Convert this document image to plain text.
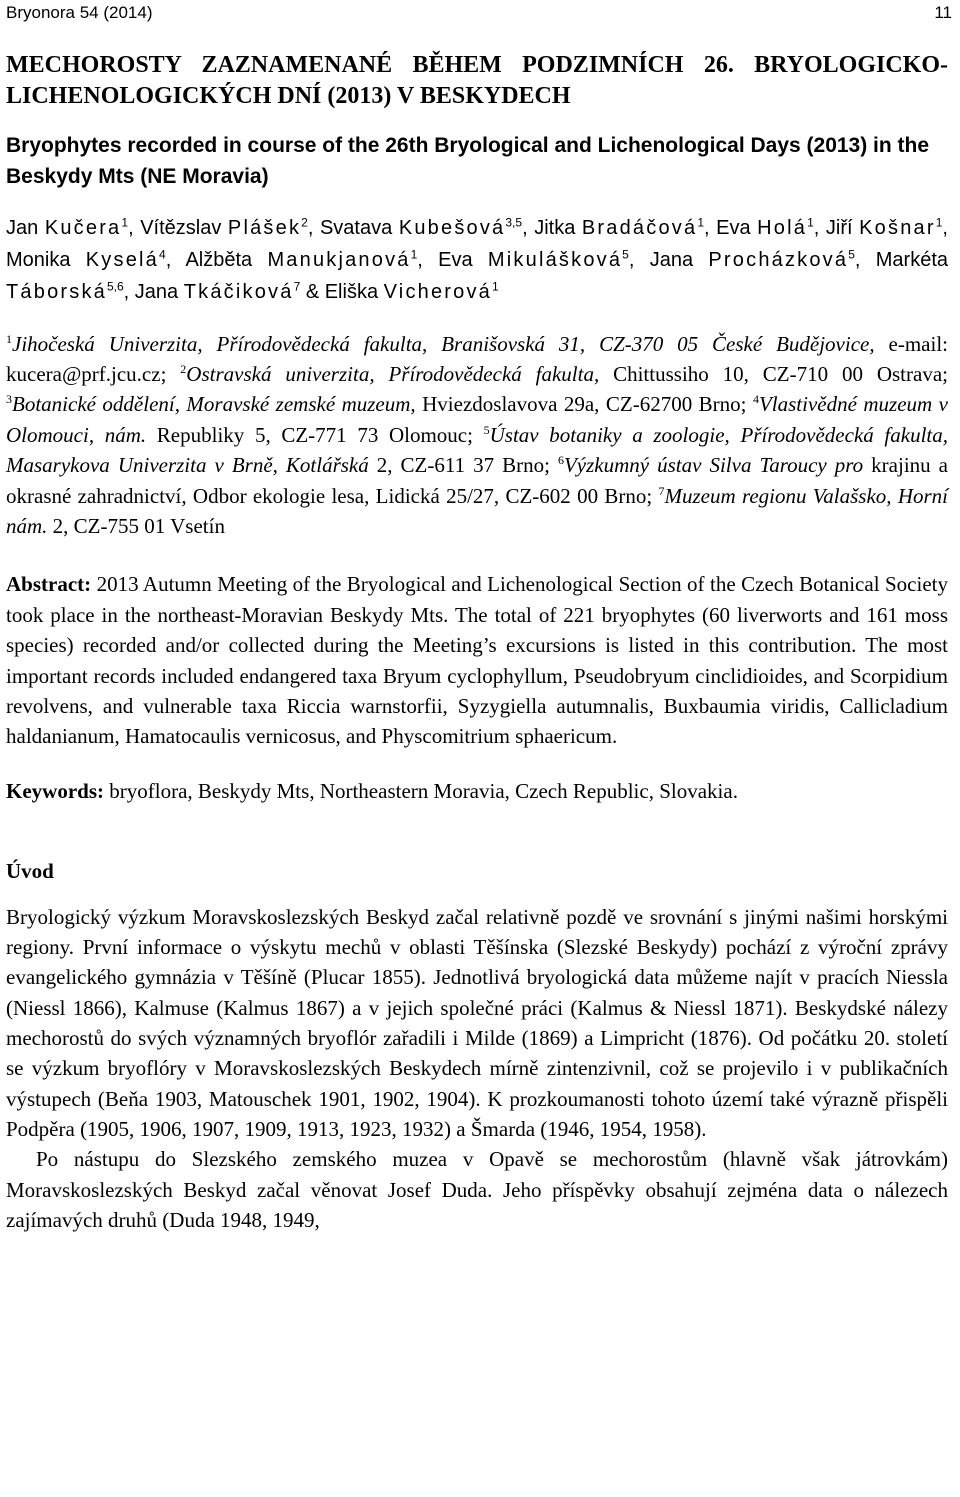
Bryonora 54 (2014)	11

MECHOROSTY ZAZNAMENANÉ BĚHEM PODZIMNÍCH 26. BRYOLOGICKO-LICHENOLOGICKÝCH DNÍ (2013) V BESKYDECH

Bryophytes recorded in course of the 26th Bryological and Lichenological Days (2013) in the Beskydy Mts (NE Moravia)

Jan Kučera$^1$, Vítězslav Plášek$^2$, Svatava Kubešová$^{3,5}$, Jitka Bradáčová$^1$, Eva Holá$^1$, Jiří Košnar$^1$, Monika Kyselá$^4$, Alžběta Manukjanová$^1$, Eva Mikulášková$^5$, Jana Procházková$^5$, Markéta Táborská$^{5,6}$, Jana Tkáčiková$^7$ & Eliška Vicherová$^1$

$^1$Jihočeská Univerzita, Přírodovědecká fakulta, Branišovská 31, CZ-370 05 České Budějovice, e-mail: kucera@prf.jcu.cz; $^2$Ostravská univerzita, Přírodovědecká fakulta, Chittussiho 10, CZ-710 00 Ostrava; $^3$Botanické oddělení, Moravské zemské muzeum, Hviezdoslavova 29a, CZ-62700 Brno; $^4$Vlastivědné muzeum v Olomouci, nám. Republiky 5, CZ-771 73 Olomouc; $^5$Ústav botaniky a zoologie, Přírodovědecká fakulta, Masarykova Univerzita v Brně, Kotlářská 2, CZ-611 37 Brno; $^6$Výzkumný ústav Silva Taroucy pro krajinu a okrasné zahradnictví, Odbor ekologie lesa, Lidická 25/27, CZ-602 00 Brno; $^7$Muzeum regionu Valašsko, Horní nám. 2, CZ-755 01 Vsetín

Abstract: 2013 Autumn Meeting of the Bryological and Lichenological Section of the Czech Botanical Society took place in the northeast-Moravian Beskydy Mts. The total of 221 bryophytes (60 liverworts and 161 moss species) recorded and/or collected during the Meeting’s excursions is listed in this contribution. The most important records included endangered taxa Bryum cyclophyllum, Pseudobryum cinclidioides, and Scorpidium revolvens, and vulnerable taxa Riccia warnstorfii, Syzygiella autumnalis, Buxbaumia viridis, Callicladium haldanianum, Hamatocaulis vernicosus, and Physcomitrium sphaericum.

Keywords: bryoflora, Beskydy Mts, Northeastern Moravia, Czech Republic, Slovakia.

Úvod

Bryologický výzkum Moravskoslezských Beskyd začal relativně pozdě ve srovnání s jinými našimi horskými regiony. První informace o výskytu mechů v oblasti Těšínska (Slezské Beskydy) pochází z výroční zprávy evangelického gymnázia v Těšíně (Plucar 1855). Jednotlivá bryologická data můžeme najít v pracích Niessla (Niessl 1866), Kalmuse (Kalmus 1867) a v jejich společné práci (Kalmus & Niessl 1871). Beskydské nálezy mechorostů do svých významných bryoflór zařadili i Milde (1869) a Limpricht (1876). Od počátku 20. století se výzkum bryoflóry v Moravskoslezských Beskydech mírně zintenzivnil, což se projevilo i v publikačních výstupech (Beňa 1903, Matouschek 1901, 1902, 1904). K prozkoumanosti tohoto území také výrazně přispěli Podpěra (1905, 1906, 1907, 1909, 1913, 1923, 1932) a Šmarda (1946, 1954, 1958).

Po nástupu do Slezského zemského muzea v Opavě se mechorostům (hlavně však játrovkám) Moravskoslezských Beskyd začal věnovat Josef Duda. Jeho příspěvky obsahují zejména data o nálezech zajímavých druhů (Duda 1948, 1949,
